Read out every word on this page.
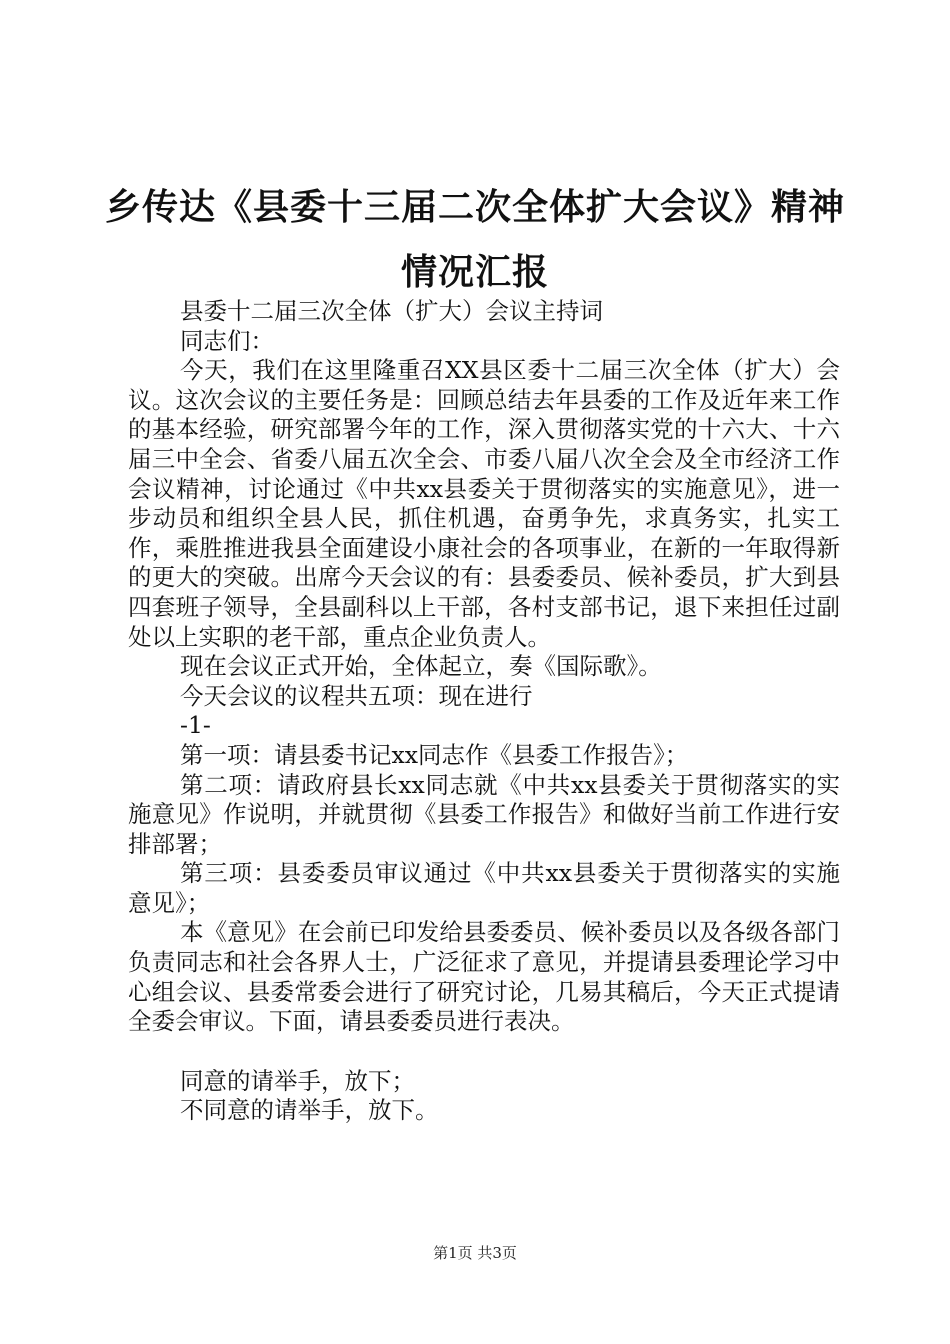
乡传达《县委十三届二次全体扩大会议》精神
情况汇报

县委十二届三次全体（扩大）会议主持词

同志们：

今天，我们在这里隆重召XX县区委十二届三次全体（扩大）会议。这次会议的主要任务是：回顾总结去年县委的工作及近年来工作的基本经验，研究部署今年的工作，深入贯彻落实党的十六大、十六届三中全会、省委八届五次全会、市委八届八次全会及全市经济工作会议精神，讨论通过《中共xx县委关于贯彻落实的实施意见》，进一步动员和组织全县人民，抓住机遇，奋勇争先，求真务实，扎实工作，乘胜推进我县全面建设小康社会的各项事业，在新的一年取得新的更大的突破。出席今天会议的有：县委委员、候补委员，扩大到县四套班子领导，全县副科以上干部，各村支部书记，退下来担任过副处以上实职的老干部，重点企业负责人。

现在会议正式开始，全体起立，奏《国际歌》。

今天会议的议程共五项：现在进行

-1-

第一项：请县委书记xx同志作《县委工作报告》；

第二项：请政府县长xx同志就《中共xx县委关于贯彻落实的实施意见》作说明，并就贯彻《县委工作报告》和做好当前工作进行安排部署；

第三项：县委委员审议通过《中共xx县委关于贯彻落实的实施意见》；

本《意见》在会前已印发给县委委员、候补委员以及各级各部门负责同志和社会各界人士，广泛征求了意见，并提请县委理论学习中心组会议、县委常委会进行了研究讨论，几易其稿后，今天正式提请全委会审议。下面，请县委委员进行表决。

同意的请举手，放下；

不同意的请举手，放下。

第1页 共3页
